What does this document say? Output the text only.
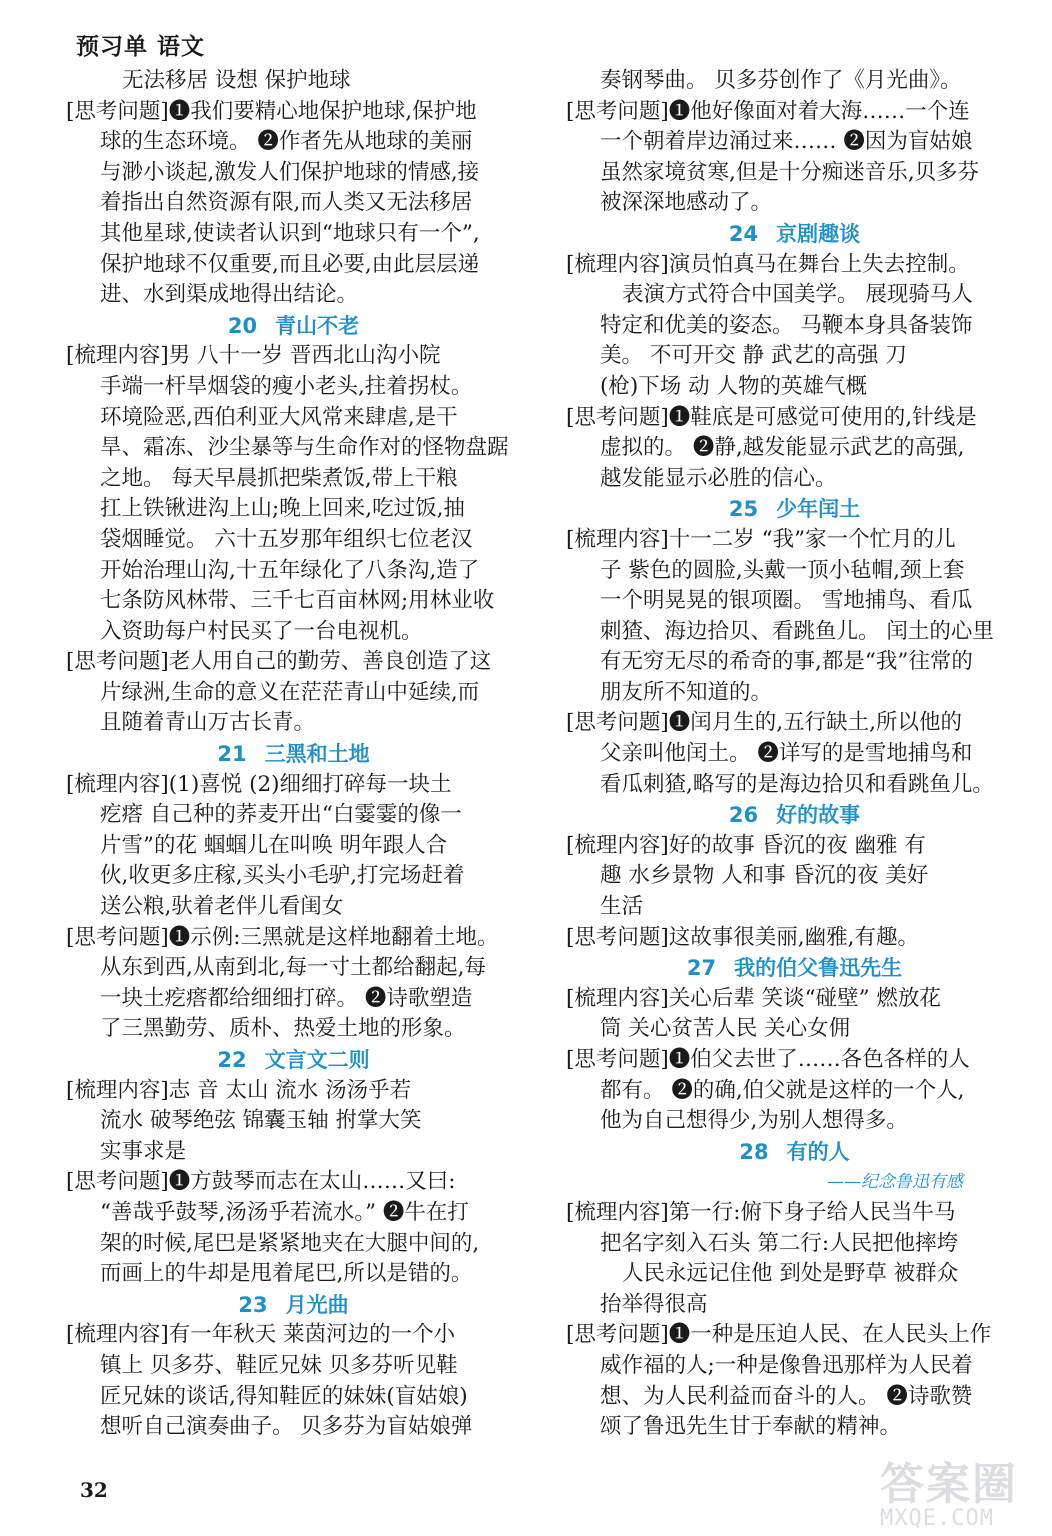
预习单 语文
无法移居 设想 保护地球
[思考问题]❶我们要精心地保护地球,保护地
球的生态环境。 ❷作者先从地球的美丽
与渺小谈起,激发人们保护地球的情感,接
着指出自然资源有限,而人类又无法移居
其他星球,使读者认识到“地球只有一个”,
保护地球不仅重要,而且必要,由此层层递
进、水到渠成地得出结论。
20 青山不老
[梳理内容]男 八十一岁 晋西北山沟小院
手端一杆旱烟袋的瘦小老头,拄着拐杖。
环境险恶,西伯利亚大风常来肆虐,是干
旱、霜冻、沙尘暴等与生命作对的怪物盘踞
之地。 每天早晨抓把柴煮饭,带上干粮
扛上铁锹进沟上山;晚上回来,吃过饭,抽
袋烟睡觉。 六十五岁那年组织七位老汉
开始治理山沟,十五年绿化了八条沟,造了
七条防风林带、三千七百亩林网;用林业收
入资助每户村民买了一台电视机。
[思考问题]老人用自己的勤劳、善良创造了这
片绿洲,生命的意义在茫茫青山中延续,而
且随着青山万古长青。
21 三黑和土地
[梳理内容](1)喜悦 (2)细细打碎每一块土
疙瘩 自己种的荞麦开出“白霎霎的像一
片雪”的花 蝈蝈儿在叫唤 明年跟人合
伙,收更多庄稼,买头小毛驴,打完场赶着
送公粮,驮着老伴儿看闺女
[思考问题]❶示例:三黑就是这样地翻着土地。
从东到西,从南到北,每一寸土都给翻起,每
一块土疙瘩都给细细打碎。 ❷诗歌塑造
了三黑勤劳、质朴、热爱土地的形象。
22 文言文二则
[梳理内容]志 音 太山 流水 汤汤乎若
流水 破琴绝弦 锦囊玉轴 拊掌大笑
实事求是
[思考问题]❶方鼓琴而志在太山……又曰:
“善哉乎鼓琴,汤汤乎若流水。” ❷牛在打
架的时候,尾巴是紧紧地夹在大腿中间的,
而画上的牛却是甩着尾巴,所以是错的。
23 月光曲
[梳理内容]有一年秋天 莱茵河边的一个小
镇上 贝多芬、鞋匠兄妹 贝多芬听见鞋
匠兄妹的谈话,得知鞋匠的妹妹(盲姑娘)
想听自己演奏曲子。 贝多芬为盲姑娘弹
奏钢琴曲。 贝多芬创作了《月光曲》。
[思考问题]❶他好像面对着大海……一个连
一个朝着岸边涌过来…… ❷因为盲姑娘
虽然家境贫寒,但是十分痴迷音乐,贝多芬
被深深地感动了。
24 京剧趣谈
[梳理内容]演员怕真马在舞台上失去控制。
表演方式符合中国美学。 展现骑马人
特定和优美的姿态。 马鞭本身具备装饰
美。 不可开交 静 武艺的高强 刀
(枪)下场 动 人物的英雄气概
[思考问题]❶鞋底是可感觉可使用的,针线是
虚拟的。 ❷静,越发能显示武艺的高强,
越发能显示必胜的信心。
25 少年闰土
[梳理内容]十一二岁 “我”家一个忙月的儿
子 紫色的圆脸,头戴一顶小毡帽,颈上套
一个明晃晃的银项圈。 雪地捕鸟、看瓜
刺猹、海边拾贝、看跳鱼儿。 闰土的心里
有无穷无尽的希奇的事,都是“我”往常的
朋友所不知道的。
[思考问题]❶闰月生的,五行缺土,所以他的
父亲叫他闰土。 ❷详写的是雪地捕鸟和
看瓜刺猹,略写的是海边拾贝和看跳鱼儿。
26 好的故事
[梳理内容]好的故事 昏沉的夜 幽雅 有
趣 水乡景物 人和事 昏沉的夜 美好
生活
[思考问题]这故事很美丽,幽雅,有趣。
27 我的伯父鲁迅先生
[梳理内容]关心后辈 笑谈“碰壁” 燃放花
筒 关心贫苦人民 关心女佣
[思考问题]❶伯父去世了……各色各样的人
都有。 ❷的确,伯父就是这样的一个人,
他为自己想得少,为别人想得多。
28 有的人
——纪念鲁迅有感
[梳理内容]第一行:俯下身子给人民当牛马
把名字刻入石头 第二行:人民把他摔垮
人民永远记住他 到处是野草 被群众
抬举得很高
[思考问题]❶一种是压迫人民、在人民头上作
威作福的人;一种是像鲁迅那样为人民着
想、为人民利益而奋斗的人。 ❷诗歌赞
颂了鲁迅先生甘于奉献的精神。
32	答案圈
MXQE.COM
